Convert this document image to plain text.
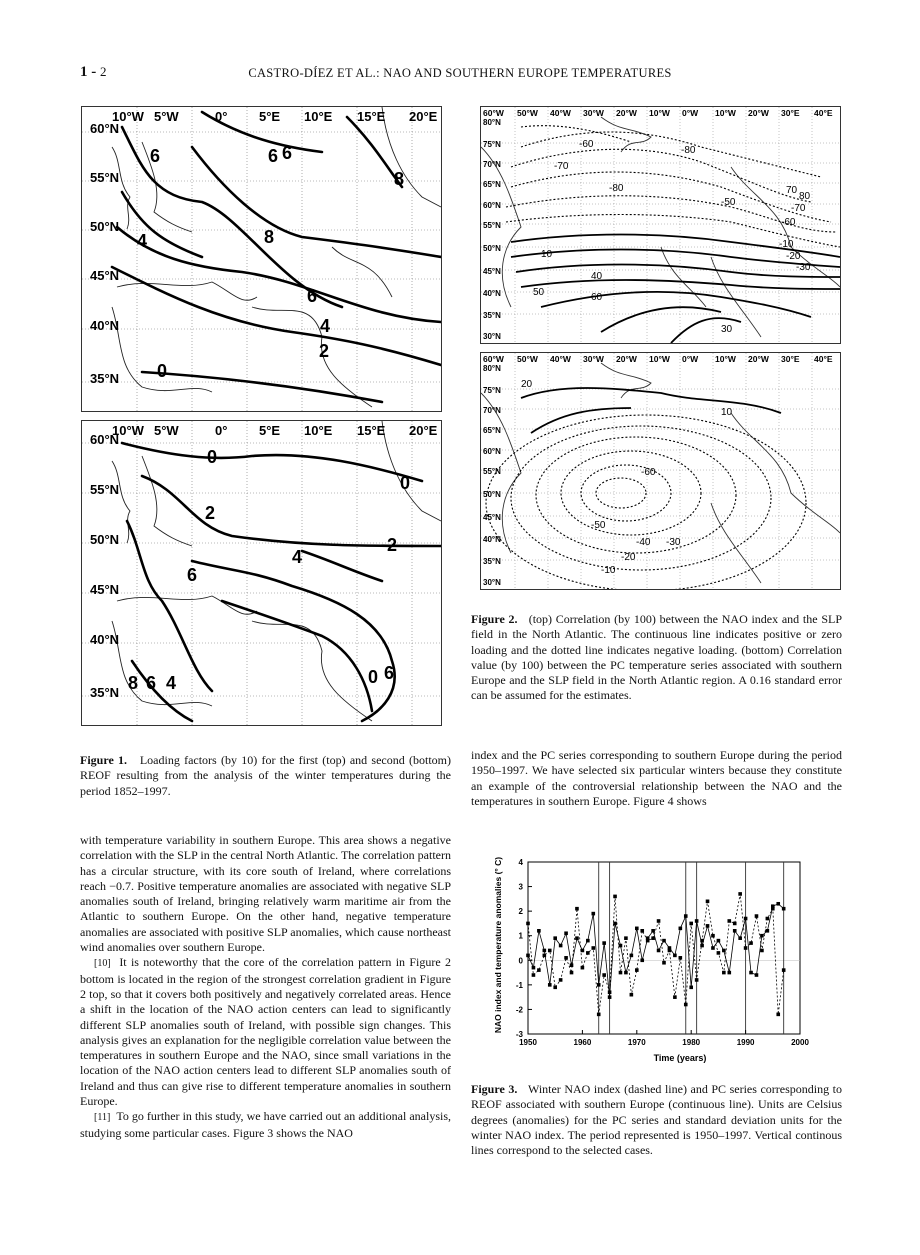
1 - 2	CASTRO-DÍEZ ET AL.: NAO AND SOUTHERN EUROPE TEMPERATURES
10°W 5°W	0° 5°E 10°E 15°E 20°E
60°N
55°N
50°N
45°N
40°N
35°N
6	6 6
8
8
4
6
4
2
0
10°W 5°W	0° 5°E 10°E 15°E 20°E
60°N
55°N
50°N
45°N
40°N
35°N
0
0
2
2
4
6
8 6 4	0 6
60°W 50°W 40°W 30°W 20°W 10°W 0°W 10°W 20°W 30°E 40°E
80°N
75°N
70°N
65°N
60°N
55°N
50°N
45°N
40°N
35°N
30°N
-60
-80
-70
-80
-70
-60
-50
50
40
60
30
10
-10
-20
-30
70
80
60°W 50°W 40°W 30°W 20°W 10°W 0°W 10°W 20°W 30°E 40°E
80°N
75°N
70°N
65°N
60°N
55°N
50°N
45°N
40°N
35°N
30°N
20
10
-60
-50
-40 -30
-20
-10
Figure 2. (top) Correlation (by 100) between the NAO index and the SLP field in the North Atlantic. The continuous line indicates positive or zero loading and the dotted line indicates negative loading. (bottom) Correlation value (by 100) between the PC temperature series associated with southern Europe and the SLP field in the North Atlantic region. A 0.16 standard error can be assumed for the estimates.
Figure 1. Loading factors (by 10) for the first (top) and second (bottom) REOF resulting from the analysis of the winter temperatures during the period 1852–1997.

index and the PC series corresponding to southern Europe during the period 1950–1997. We have selected six particular winters because they constitute an example of the controversial relationship between the NAO and the temperatures in southern Europe. Figure 4 shows

with temperature variability in southern Europe. This area shows a negative correlation with the SLP in the central North Atlantic. The correlation pattern has a circular structure, with its core south of Ireland, where correlations reach −0.7. Positive temperature anomalies are associated with negative SLP anomalies south of Ireland, bringing relatively warm maritime air from the Atlantic to southern Europe. On the other hand, negative temperature anomalies are associated with positive SLP anomalies, which cause northeast wind anomalies over southern Europe.

[10] It is noteworthy that the core of the correlation pattern in Figure 2 bottom is located in the region of the strongest correlation gradient in Figure 2 top, so that it covers both positively and negatively correlated areas. Hence a shift in the location of the NAO action centers can lead to significantly different SLP anomalies south of Ireland, with possible sign changes. This analysis gives an explanation for the negligible correlation value between the temperatures in southern Europe and the NAO, since small variations in the location of the NAO action centers lead to different SLP anomalies south of Ireland and thus can give rise to different temperature anomalies in southern Europe.

[11] To go further in this study, we have carried out an additional analysis, studying some particular cases. Figure 3 shows the NAO

1950	1960	1970	1980	1990	2000
-3
-2
-1
0
1
2
3
4
Time (years)
NAO index and temperature anomalies (° C)
Figure 3. Winter NAO index (dashed line) and PC series corresponding to REOF associated with southern Europe (continuous line). Units are Celsius degrees (anomalies) for the PC series and standard deviation units for the winter NAO index. The period represented is 1950–1997. Vertical continous lines correspond to the selected cases.
